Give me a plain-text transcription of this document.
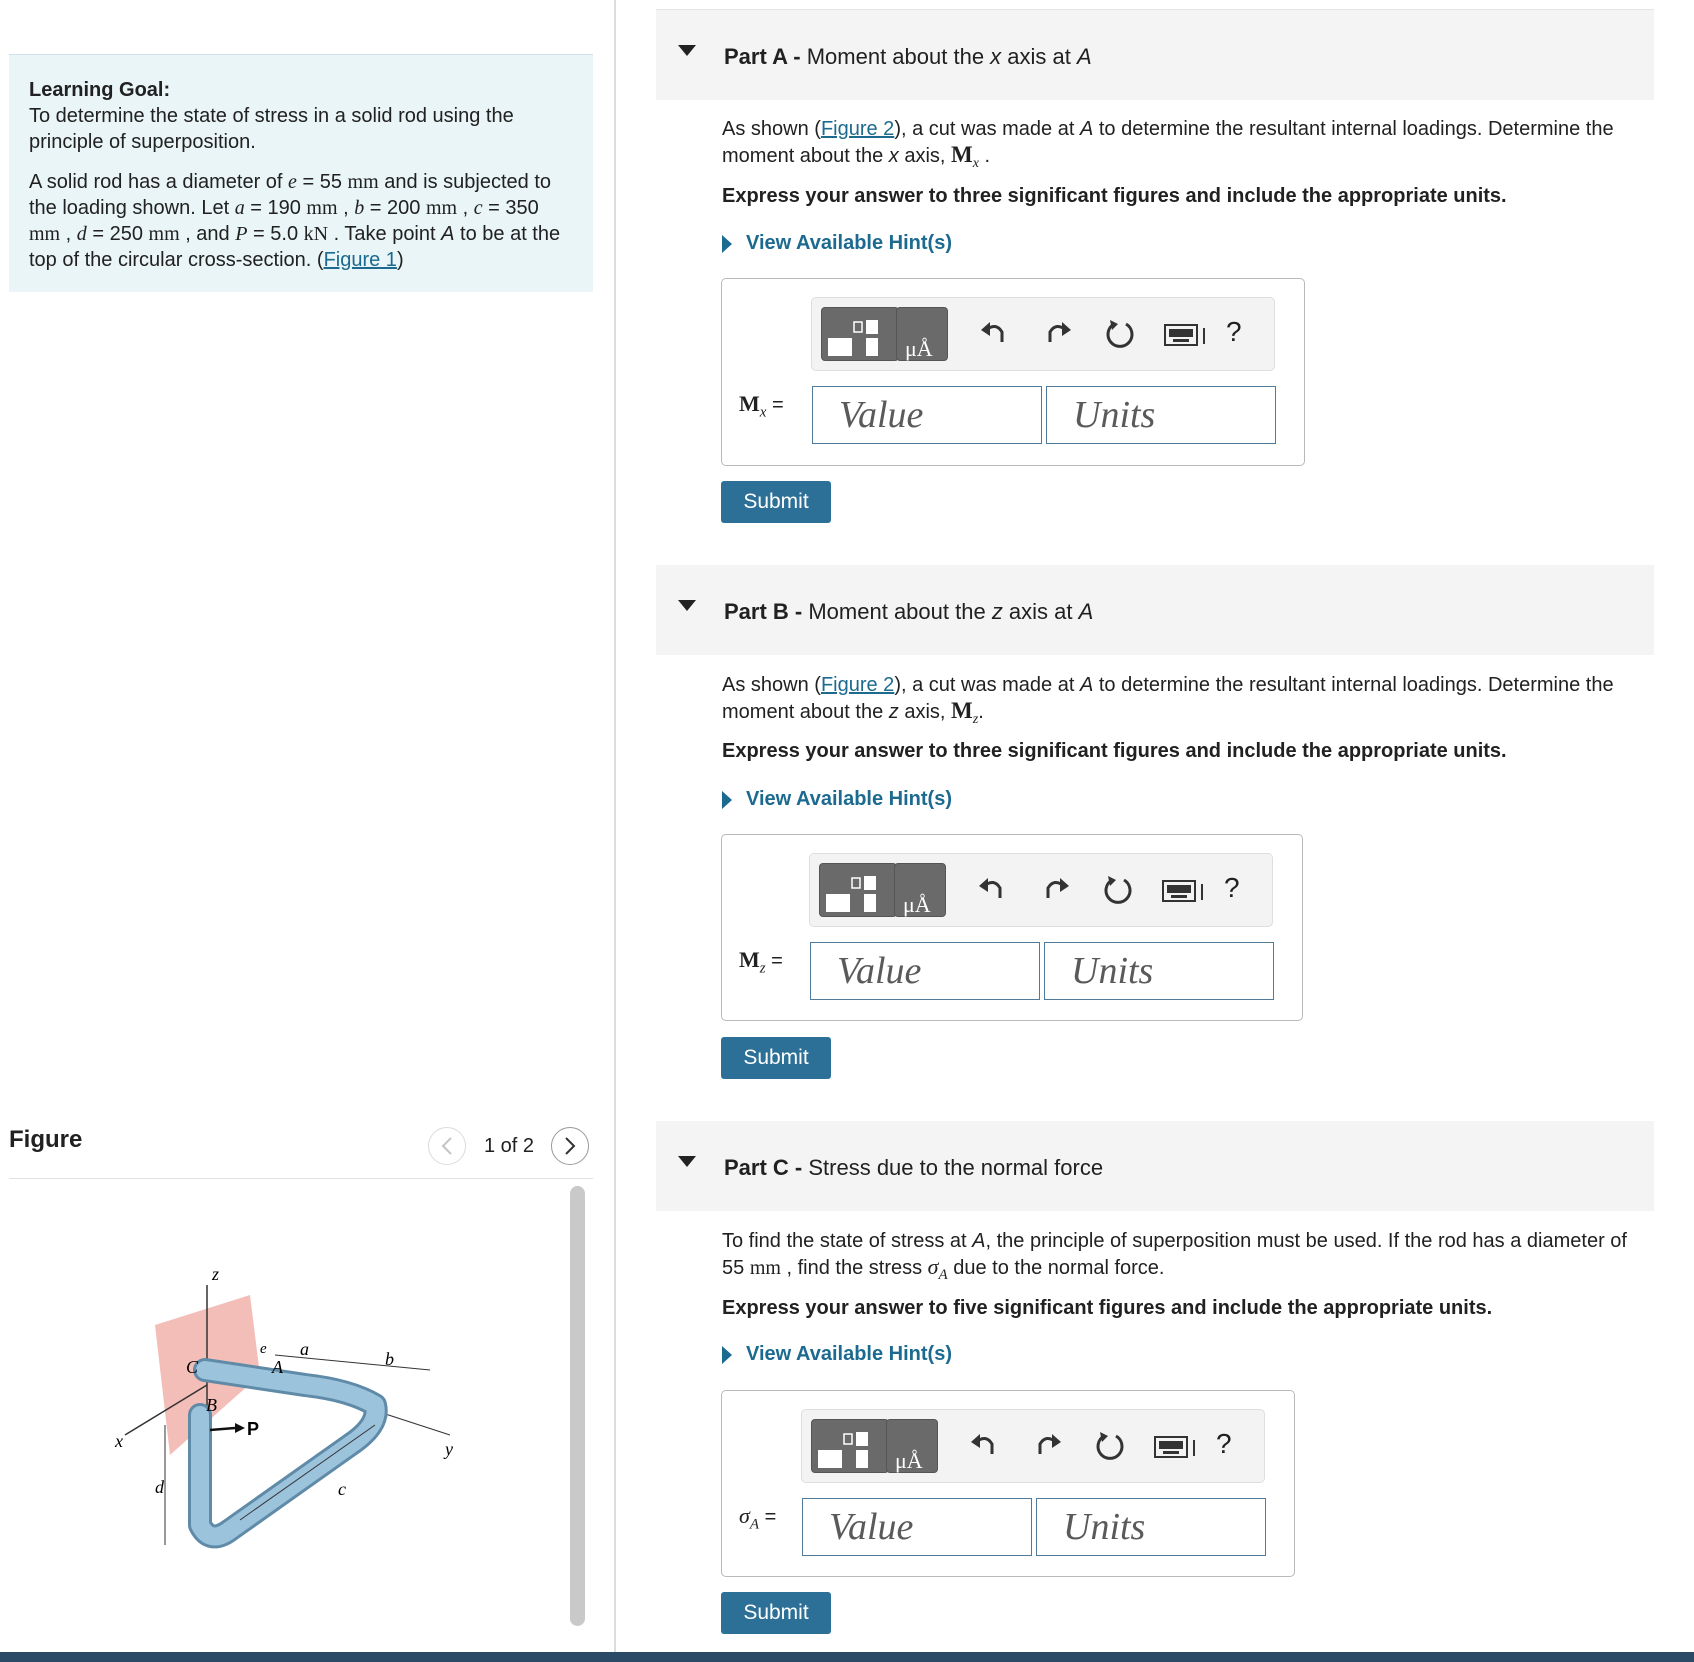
Learning Goal:
To determine the state of stress in a solid rod using the principle of superposition.

A solid rod has a diameter of e = 55 mm and is subjected to the loading shown. Let a = 190 mm , b = 200 mm , c = 350 mm , d = 250 mm , and P = 5.0 kN . Take point A to be at the top of the circular cross-section. (Figure 1)

Figure	1 of 2
z
x	y
a	b
c
d
e
A
B
C
P
Part A - Moment about the x axis at A
As shown (Figure 2), a cut was made at A to determine the resultant internal loadings. Determine the moment about the x axis, $M_x$ .
Express your answer to three significant figures and include the appropriate units.
View Available Hint(s)
μÅ
?
$M_x$ =	Value	Units
Submit
Part B - Moment about the z axis at A
As shown (Figure 2), a cut was made at A to determine the resultant internal loadings. Determine the moment about the z axis, $M_z$.
Express your answer to three significant figures and include the appropriate units.
View Available Hint(s)
μÅ
?
$M_z$ =	Value	Units
Submit
Part C - Stress due to the normal force
To find the state of stress at A, the principle of superposition must be used. If the rod has a diameter of 55 mm , find the stress $\sigma_A$ due to the normal force.
Express your answer to five significant figures and include the appropriate units.
View Available Hint(s)
μÅ
?
$\sigma_A$ =	Value	Units
Submit
